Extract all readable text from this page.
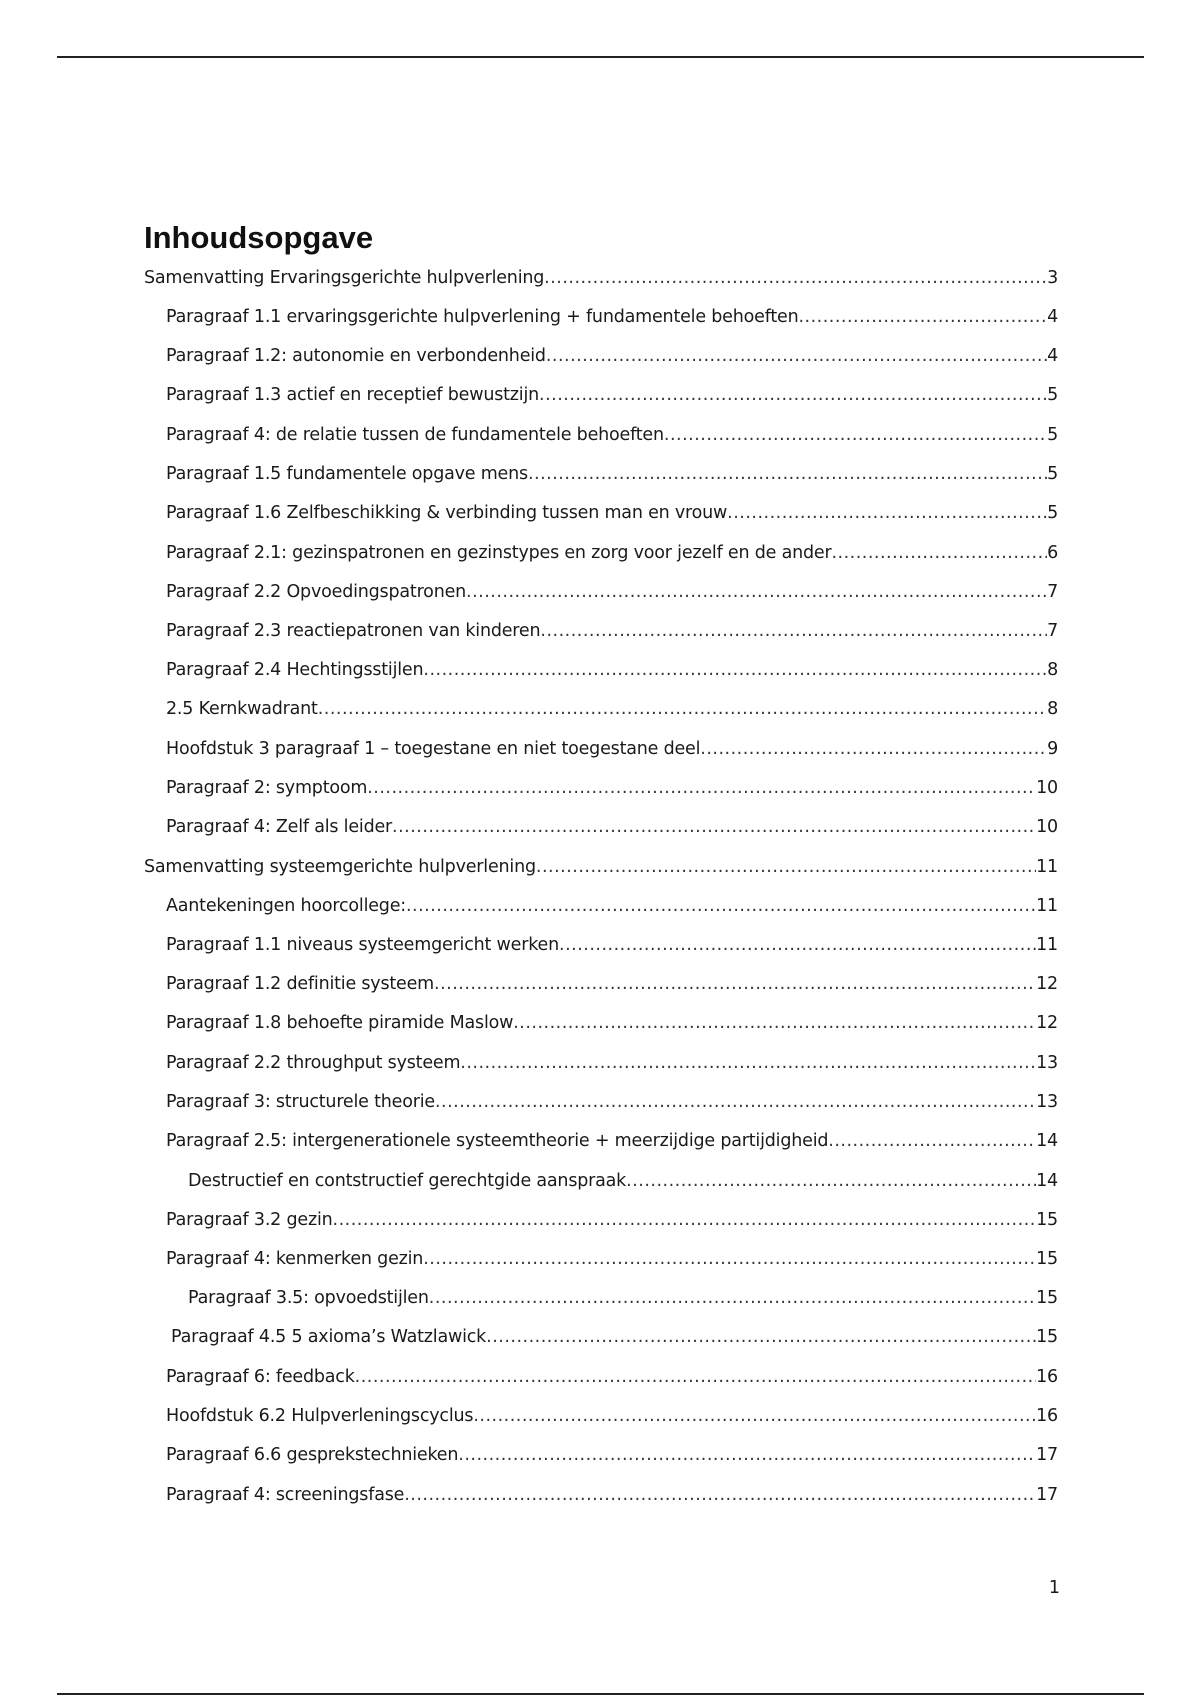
Inhoudsopgave
Samenvatting Ervaringsgerichte hulpverlening .....	3
Paragraaf 1.1 ervaringsgerichte hulpverlening + fundamentele behoeften .....	4
Paragraaf 1.2: autonomie en verbondenheid .....	4
Paragraaf 1.3 actief en receptief bewustzijn .....	5
Paragraaf 4: de relatie tussen de fundamentele behoeften .....	5
Paragraaf 1.5 fundamentele opgave mens .....	5
Paragraaf 1.6 Zelfbeschikking & verbinding tussen man en vrouw .....	5
Paragraaf 2.1: gezinspatronen en gezinstypes en zorg voor jezelf en de ander .....	6
Paragraaf 2.2 Opvoedingspatronen .....	7
Paragraaf 2.3 reactiepatronen van kinderen .....	7
Paragraaf 2.4 Hechtingsstijlen .....	8
2.5 Kernkwadrant .....	8
Hoofdstuk 3 paragraaf 1 – toegestane en niet toegestane deel .....	9
Paragraaf 2: symptoom .....	10
Paragraaf 4: Zelf als leider .....	10
Samenvatting systeemgerichte hulpverlening .....	11
Aantekeningen hoorcollege: .....	11
Paragraaf 1.1 niveaus systeemgericht werken .....	11
Paragraaf 1.2 definitie systeem .....	12
Paragraaf 1.8 behoefte piramide Maslow .....	12
Paragraaf 2.2 throughput systeem .....	13
Paragraaf 3: structurele theorie .....	13
Paragraaf 2.5: intergenerationele systeemtheorie + meerzijdige partijdigheid .....	14
Destructief en contstructief gerechtgide aanspraak .....	14
Paragraaf 3.2 gezin .....	15
Paragraaf 4: kenmerken gezin .....	15
Paragraaf 3.5: opvoedstijlen .....	15
Paragraaf 4.5 5 axioma’s Watzlawick .....	15
Paragraaf 6: feedback .....	16
Hoofdstuk 6.2 Hulpverleningscyclus .....	16
Paragraaf 6.6 gesprekstechnieken .....	17
Paragraaf 4: screeningsfase .....	17
1
